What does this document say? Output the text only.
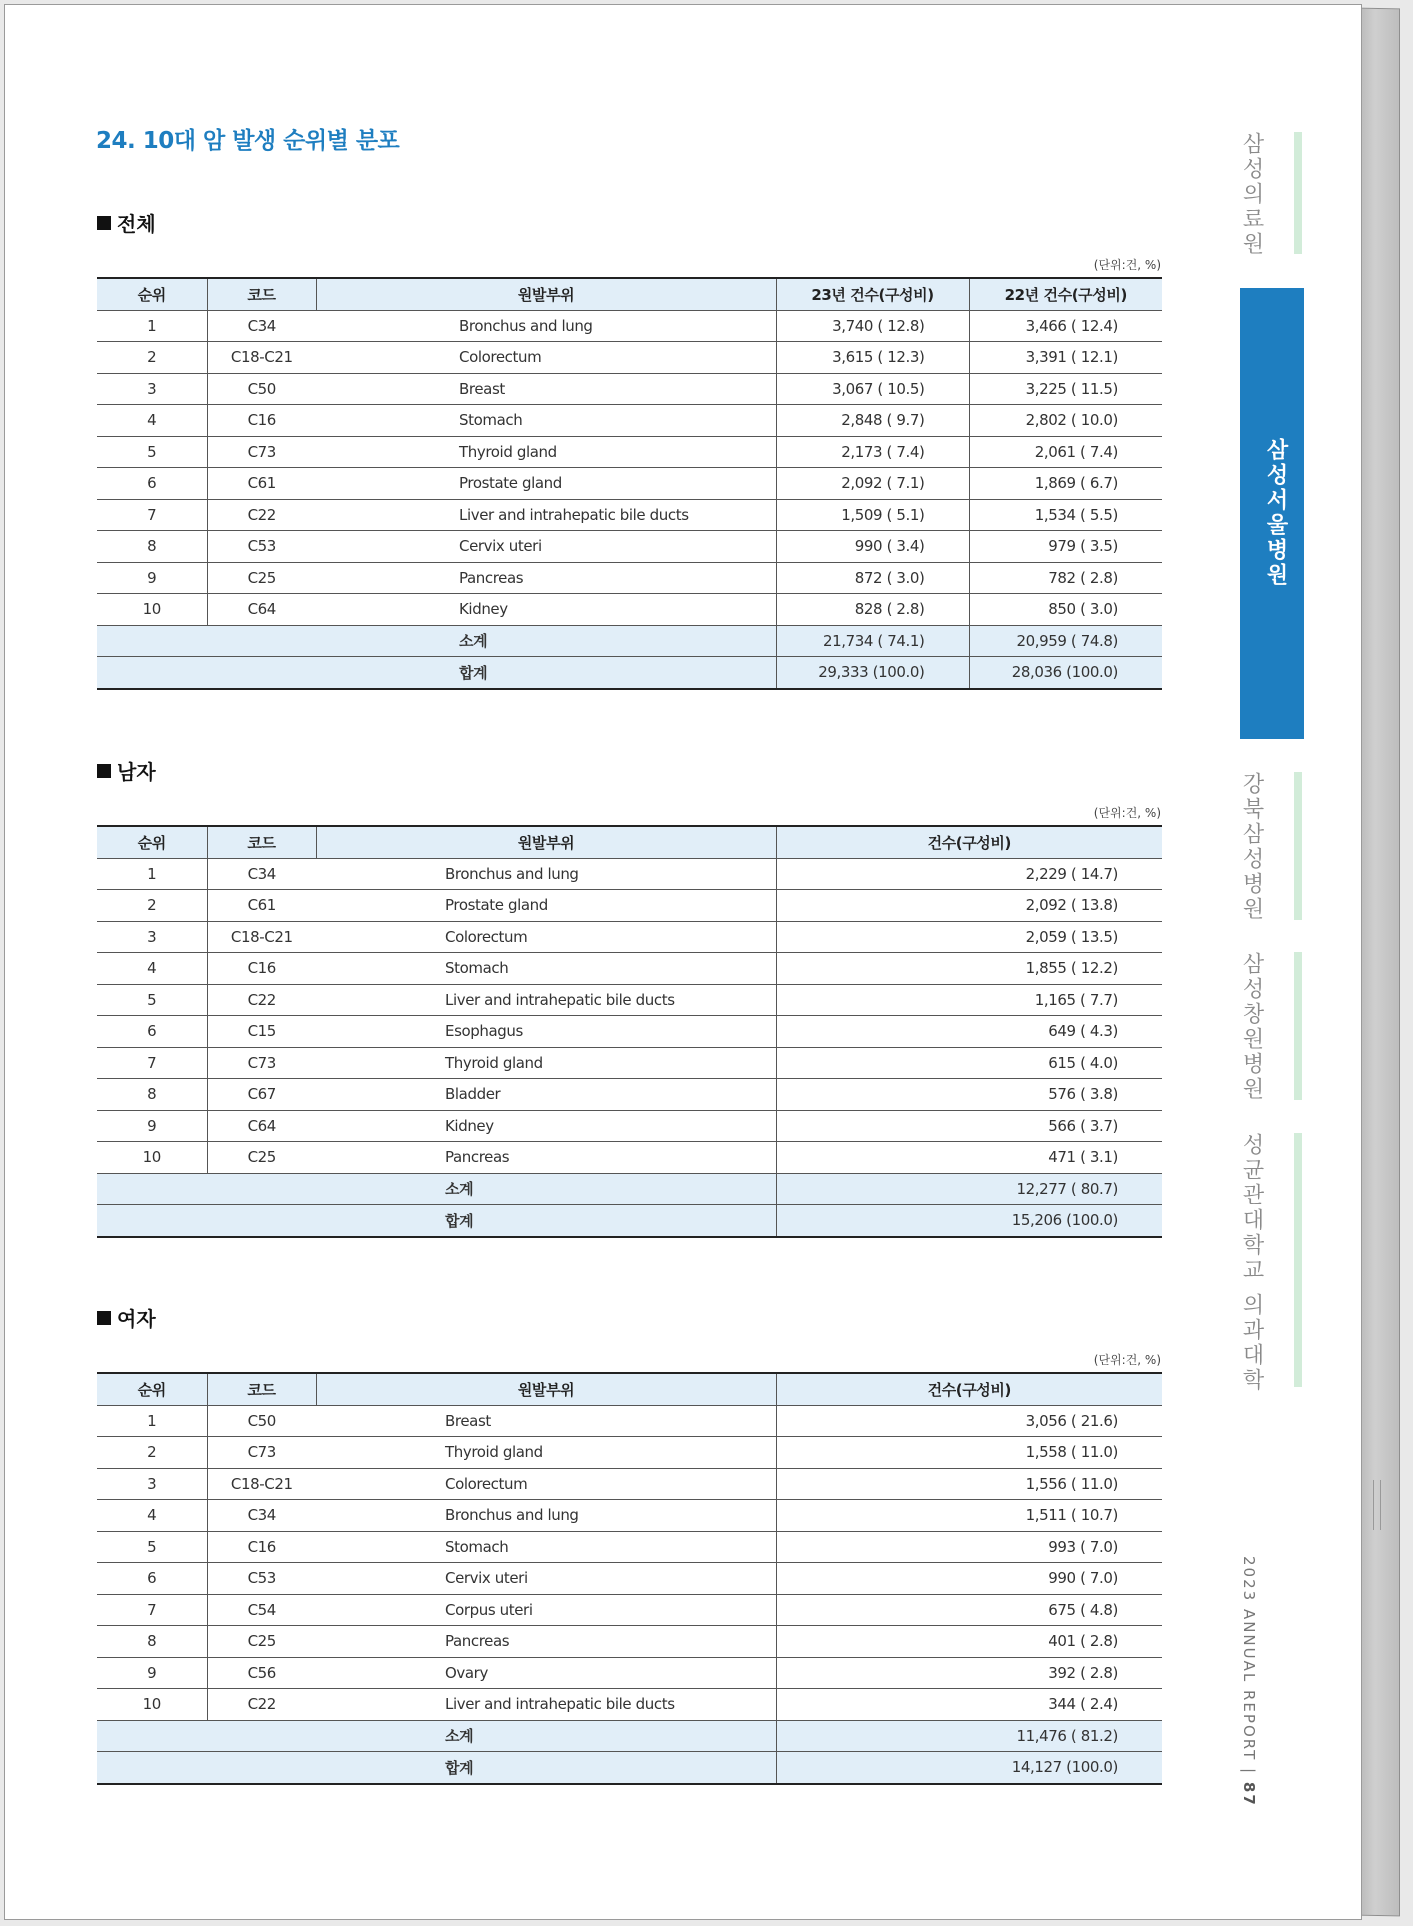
24. 10대 암 발생 순위별 분포
전체
(단위:건, %)
순위	코드	원발부위	23년 건수(구성비)	22년 건수(구성비)
1	C34	Bronchus and lung	3,740 ( 12.8)	3,466 ( 12.4)
2	C18-C21	Colorectum	3,615 ( 12.3)	3,391 ( 12.1)
3	C50	Breast	3,067 ( 10.5)	3,225 ( 11.5)
4	C16	Stomach	2,848 ( 9.7)	2,802 ( 10.0)
5	C73	Thyroid gland	2,173 ( 7.4)	2,061 ( 7.4)
6	C61	Prostate gland	2,092 ( 7.1)	1,869 ( 6.7)
7	C22	Liver and intrahepatic bile ducts	1,509 ( 5.1)	1,534 ( 5.5)
8	C53	Cervix uteri	990 ( 3.4)	979 ( 3.5)
9	C25	Pancreas	872 ( 3.0)	782 ( 2.8)
10	C64	Kidney	828 ( 2.8)	850 ( 3.0)
		소계	21,734 ( 74.1)	20,959 ( 74.8)
		합계	29,333 (100.0)	28,036 (100.0)
남자
(단위:건, %)
순위	코드	원발부위	건수(구성비)
1	C34	Bronchus and lung	2,229 ( 14.7)
2	C61	Prostate gland	2,092 ( 13.8)
3	C18-C21	Colorectum	2,059 ( 13.5)
4	C16	Stomach	1,855 ( 12.2)
5	C22	Liver and intrahepatic bile ducts	1,165 ( 7.7)
6	C15	Esophagus	649 ( 4.3)
7	C73	Thyroid gland	615 ( 4.0)
8	C67	Bladder	576 ( 3.8)
9	C64	Kidney	566 ( 3.7)
10	C25	Pancreas	471 ( 3.1)
		소계	12,277 ( 80.7)
		합계	15,206 (100.0)
여자
(단위:건, %)
순위	코드	원발부위	건수(구성비)
1	C50	Breast	3,056 ( 21.6)
2	C73	Thyroid gland	1,558 ( 11.0)
3	C18-C21	Colorectum	1,556 ( 11.0)
4	C34	Bronchus and lung	1,511 ( 10.7)
5	C16	Stomach	993 ( 7.0)
6	C53	Cervix uteri	990 ( 7.0)
7	C54	Corpus uteri	675 ( 4.8)
8	C25	Pancreas	401 ( 2.8)
9	C56	Ovary	392 ( 2.8)
10	C22	Liver and intrahepatic bile ducts	344 ( 2.4)
		소계	11,476 ( 81.2)
		합계	14,127 (100.0)
삼성의료원
삼성서울병원
강북삼성병원
삼성창원병원
성균관대학교 의과대학
2023 ANNUAL REPORT | 87
